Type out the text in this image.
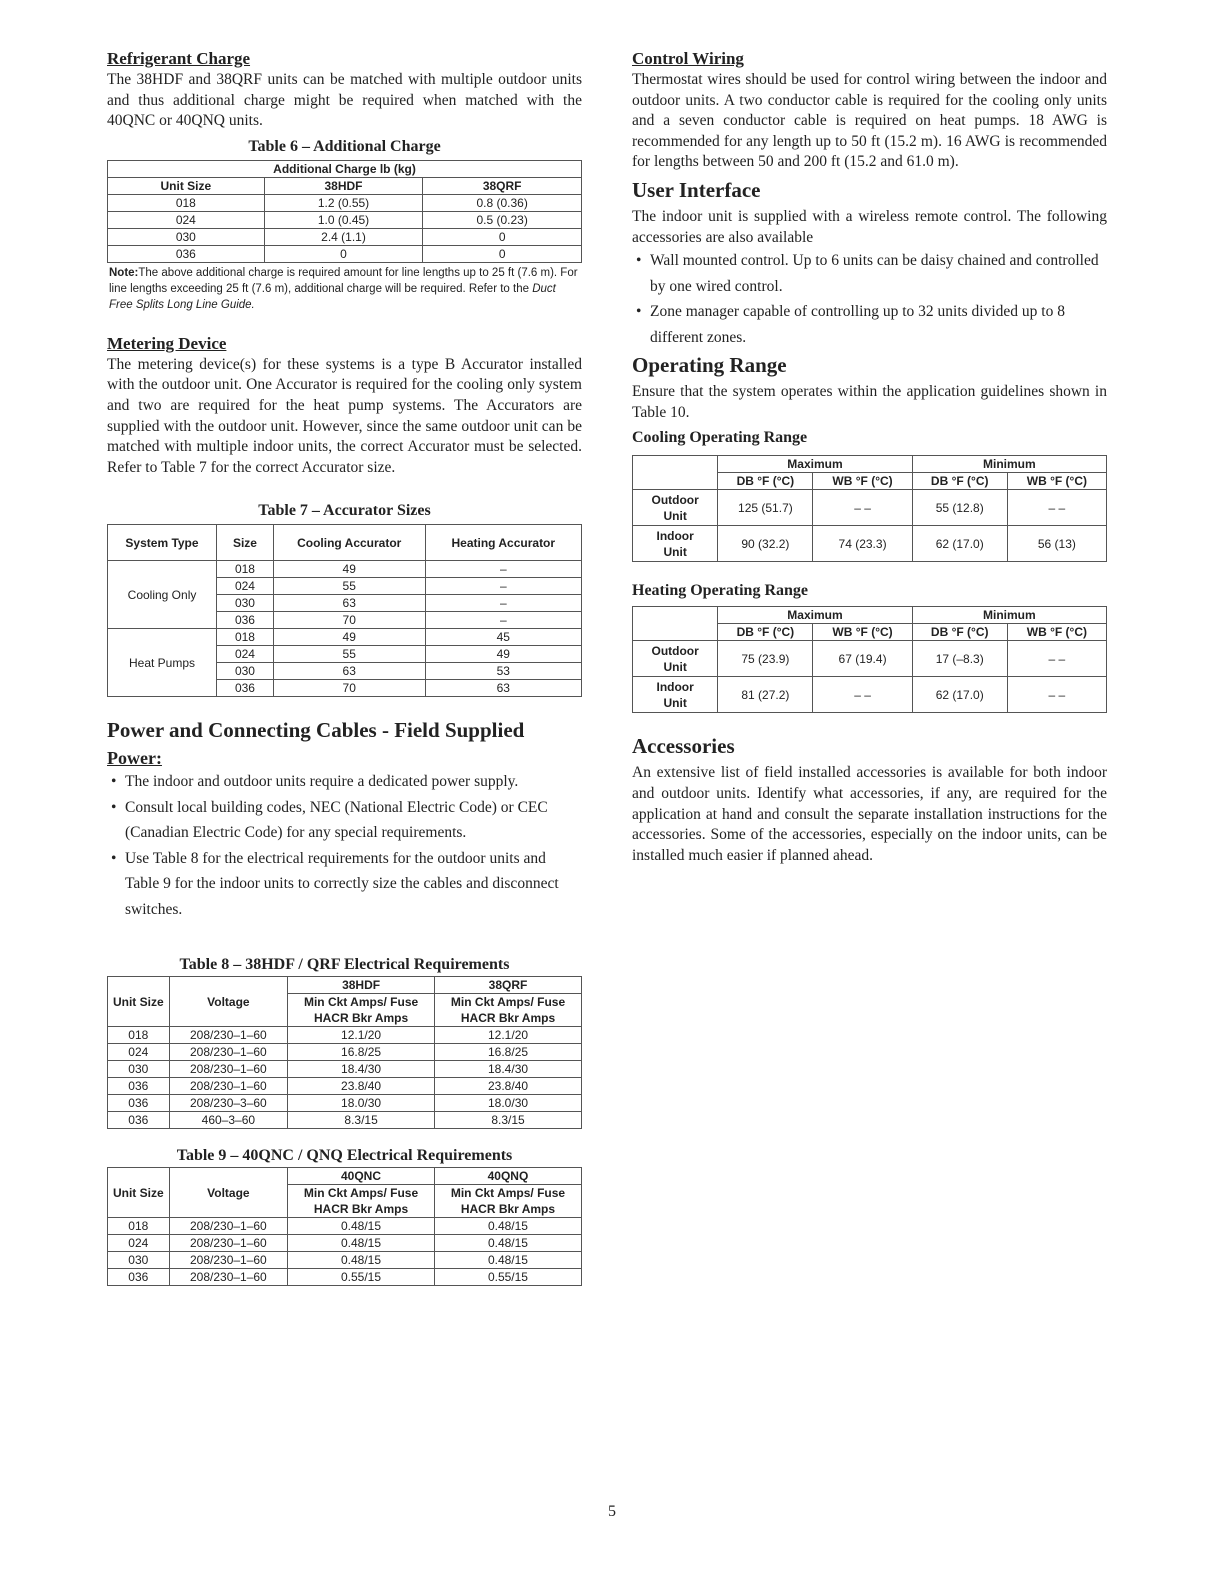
Refrigerant Charge

The 38HDF and 38QRF units can be matched with multiple outdoor units and thus additional charge might be required when matched with the 40QNC or 40QNQ units.

Table 6 – Additional Charge

Additional Charge lb (kg)		
Unit Size	38HDF	38QRF
018	1.2 (0.55)	0.8 (0.36)
024	1.0 (0.45)	0.5 (0.23)
030	2.4 (1.1)	0
036	0	0

Note:The above additional charge is required amount for line lengths up to 25 ft (7.6 m). For line lengths exceeding 25 ft (7.6 m), additional charge will be required. Refer to the Duct Free Splits Long Line Guide.

Metering Device

The metering device(s) for these systems is a type B Accurator installed with the outdoor unit. One Accurator is required for the cooling only system and two are required for the heat pump systems. The Accurators are supplied with the outdoor unit. However, since the same outdoor unit can be matched with multiple indoor units, the correct Accurator must be selected. Refer to Table 7 for the correct Accurator size.

Table 7 – Accurator Sizes

System Type	Size	Cooling Accurator	Heating Accurator
Cooling Only	018	49	–
	024	55	–
	030	63	–
	036	70	–
Heat Pumps	018	49	45
	024	55	49
	030	63	53
	036	70	63
Power and Connecting Cables - Field Supplied
Power:
• The indoor and outdoor units require a dedicated power supply.
• Consult local building codes, NEC (National Electric Code) or CEC (Canadian Electric Code) for any special requirements.
• Use Table 8 for the electrical requirements for the outdoor units and Table 9 for the indoor units to correctly size the cables and disconnect switches.

Table 8 – 38HDF / QRF Electrical Requirements

Unit Size	Voltage	38HDF	38QRF
		Min Ckt Amps/ Fuse HACR Bkr Amps	Min Ckt Amps/ Fuse HACR Bkr Amps
018	208/230–1–60	12.1/20	12.1/20
024	208/230–1–60	16.8/25	16.8/25
030	208/230–1–60	18.4/30	18.4/30
036	208/230–1–60	23.8/40	23.8/40
036	208/230–3–60	18.0/30	18.0/30
036	460–3–60	8.3/15	8.3/15

Table 9 – 40QNC / QNQ Electrical Requirements

Unit Size	Voltage	40QNC	40QNQ
		Min Ckt Amps/ Fuse HACR Bkr Amps	Min Ckt Amps/ Fuse HACR Bkr Amps
018	208/230–1–60	0.48/15	0.48/15
024	208/230–1–60	0.48/15	0.48/15
030	208/230–1–60	0.48/15	0.48/15
036	208/230–1–60	0.55/15	0.55/15
Control Wiring

Thermostat wires should be used for control wiring between the indoor and outdoor units. A two conductor cable is required for the cooling only units and a seven conductor cable is required on heat pumps. 18 AWG is recommended for any length up to 50 ft (15.2 m). 16 AWG is recommended for lengths between 50 and 200 ft (15.2 and 61.0 m).

User Interface

The indoor unit is supplied with a wireless remote control. The following accessories are also available

• Wall mounted control. Up to 6 units can be daisy chained and controlled by one wired control.
• Zone manager capable of controlling up to 32 units divided up to 8 different zones.
Operating Range

Ensure that the system operates within the application guidelines shown in Table 10.

Cooling Operating Range
	Maximum		Minimum	
	DB °F (°C)	WB °F (°C)	DB °F (°C)	WB °F (°C)
Outdoor Unit	125 (51.7)	– –	55 (12.8)	– –
Indoor Unit	90 (32.2)	74 (23.3)	62 (17.0)	56 (13)
Heating Operating Range
	Maximum		Minimum	
	DB °F (°C)	WB °F (°C)	DB °F (°C)	WB °F (°C)
Outdoor Unit	75 (23.9)	67 (19.4)	17 (–8.3)	– –
Indoor Unit	81 (27.2)	– –	62 (17.0)	– –
Accessories

An extensive list of field installed accessories is available for both indoor and outdoor units. Identify what accessories, if any, are required for the application at hand and consult the separate installation instructions for the accessories. Some of the accessories, especially on the indoor units, can be installed much easier if planned ahead.

5
